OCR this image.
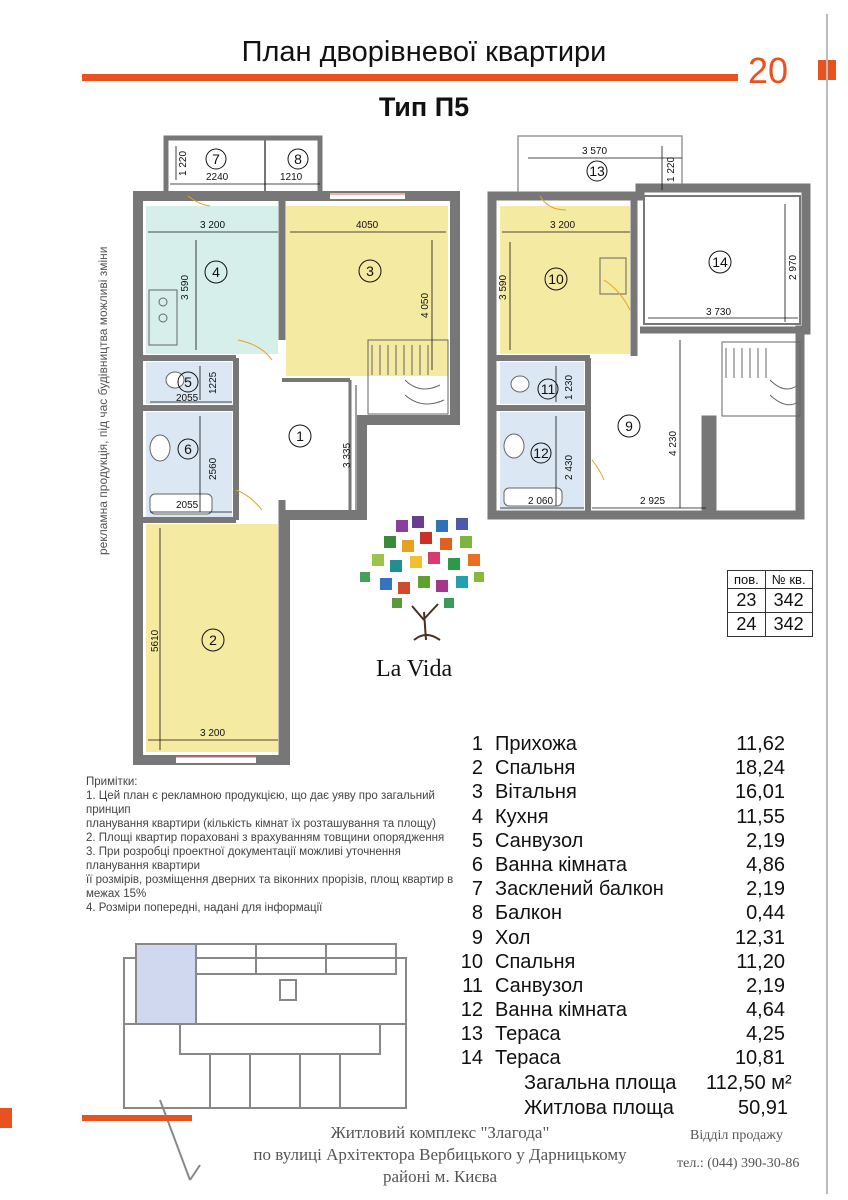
План дворівневої квартири	20
Тип П5
рекламна продукція, під час будівництва можливі зміни
1 220
2240	1210
3 200	4050
3 590
4 050
1225
2055
3 335
2560
2055
5610
3 200
7	8
4	3
5
6
1
2
3 570
1 220
3 200
3 590
2 970
3 730
1 230
4 230
2 430
2 060	2 925
13
10
14
11
12
9
пов.	№ кв.
23	342
24	342
La Vida
Примітки:
1. Цей план є рекламною продукцією, що дає уяву про загальний принцип
планування квартири (кількість кімнат їх розташування та площу)
2. Площі квартир пораховані з врахуванням товщини опорядження
3. При розробці проектної документації можливі уточнення планування квартири
її розмірів, розміщення дверних та віконних прорізів, площ квартир в межах 15%
4. Розміри попередні, надані для інформації
1 Прихожа	11,62
2 Спальня	18,24
3 Вітальня	16,01
4 Кухня	11,55
5 Санвузол	2,19
6 Ванна кімната	4,86
7 Засклений балкон	2,19
8 Балкон	0,44
9 Хол	12,31
10 Спальня	11,20
11 Санвузол	2,19
12 Ванна кімната	4,64
13 Тераса	4,25
14 Тераса	10,81
Загальна площа 112,50 м²
Житлова площа	50,91
Житловий комплекс "Злагода"
по вулиці Архітектора Вербицького у Дарницькому
районі м. Києва
Відділ продажу
тел.: (044) 390-30-86
